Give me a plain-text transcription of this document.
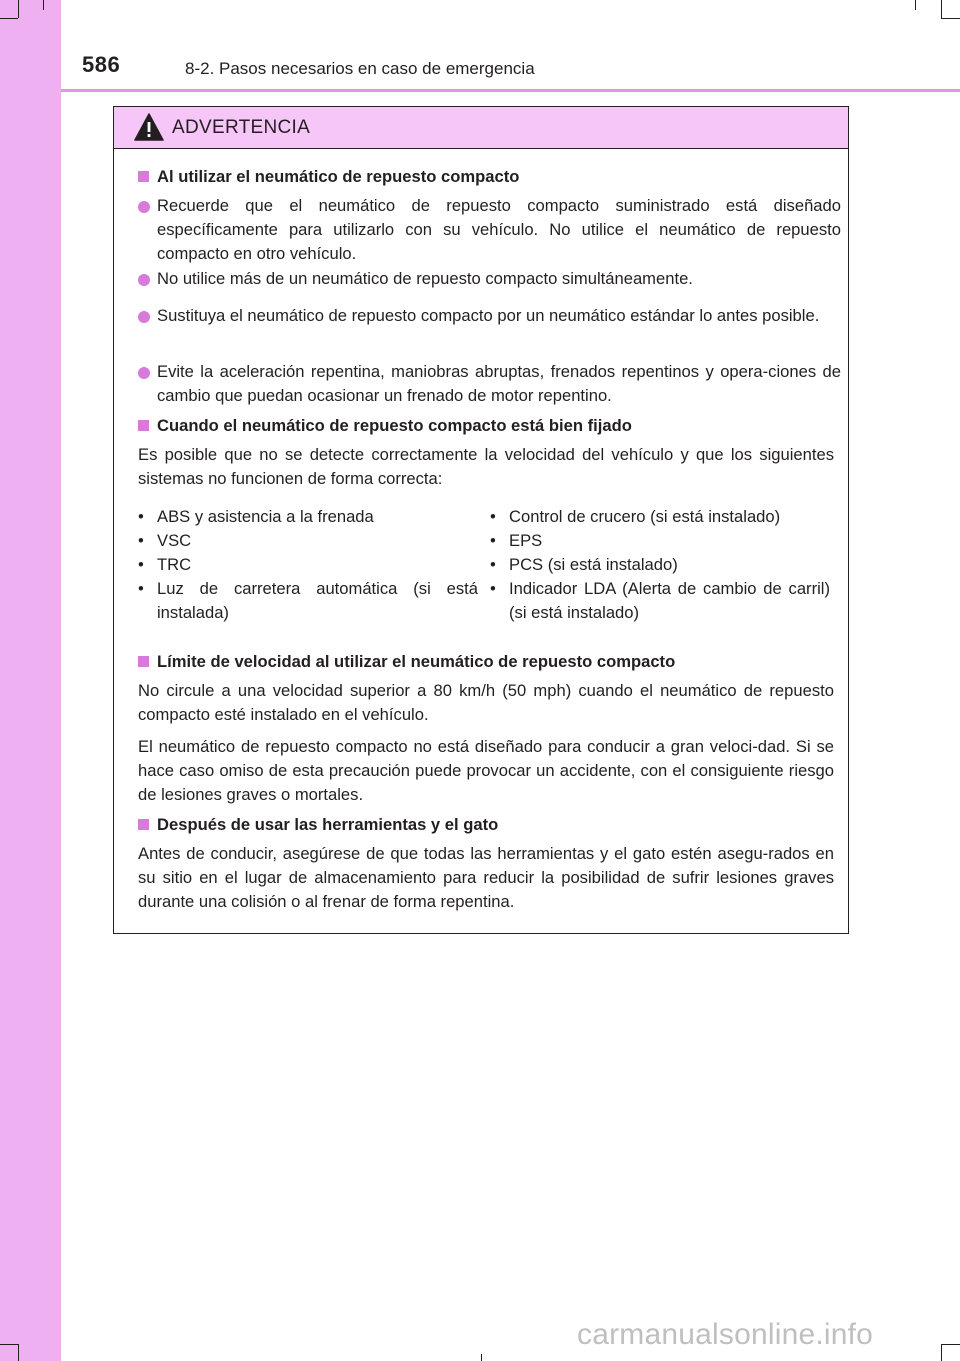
586	8-2. Pasos necesarios en caso de emergencia
ADVERTENCIA
Al utilizar el neumático de repuesto compacto
Recuerde que el neumático de repuesto compacto suministrado está diseñado específicamente para utilizarlo con su vehículo. No utilice el neumático de repuesto compacto en otro vehículo.
No utilice más de un neumático de repuesto compacto simultáneamente.
Sustituya el neumático de repuesto compacto por un neumático estándar lo antes posible.
Evite la aceleración repentina, maniobras abruptas, frenados repentinos y opera-ciones de cambio que puedan ocasionar un frenado de motor repentino.
Cuando el neumático de repuesto compacto está bien fijado
Es posible que no se detecte correctamente la velocidad del vehículo y que los siguientes sistemas no funcionen de forma correcta:
• ABS y asistencia a la frenada
• VSC
• TRC
• Luz de carretera automática (si está instalada)
• Control de crucero (si está instalado)
• EPS
• PCS (si está instalado)
• Indicador LDA (Alerta de cambio de carril) (si está instalado)
Límite de velocidad al utilizar el neumático de repuesto compacto
No circule a una velocidad superior a 80 km/h (50 mph) cuando el neumático de repuesto compacto esté instalado en el vehículo.
El neumático de repuesto compacto no está diseñado para conducir a gran veloci-dad. Si se hace caso omiso de esta precaución puede provocar un accidente, con el consiguiente riesgo de lesiones graves o mortales.
Después de usar las herramientas y el gato
Antes de conducir, asegúrese de que todas las herramientas y el gato estén asegu-rados en su sitio en el lugar de almacenamiento para reducir la posibilidad de sufrir lesiones graves durante una colisión o al frenar de forma repentina.
carmanualsonline.info
